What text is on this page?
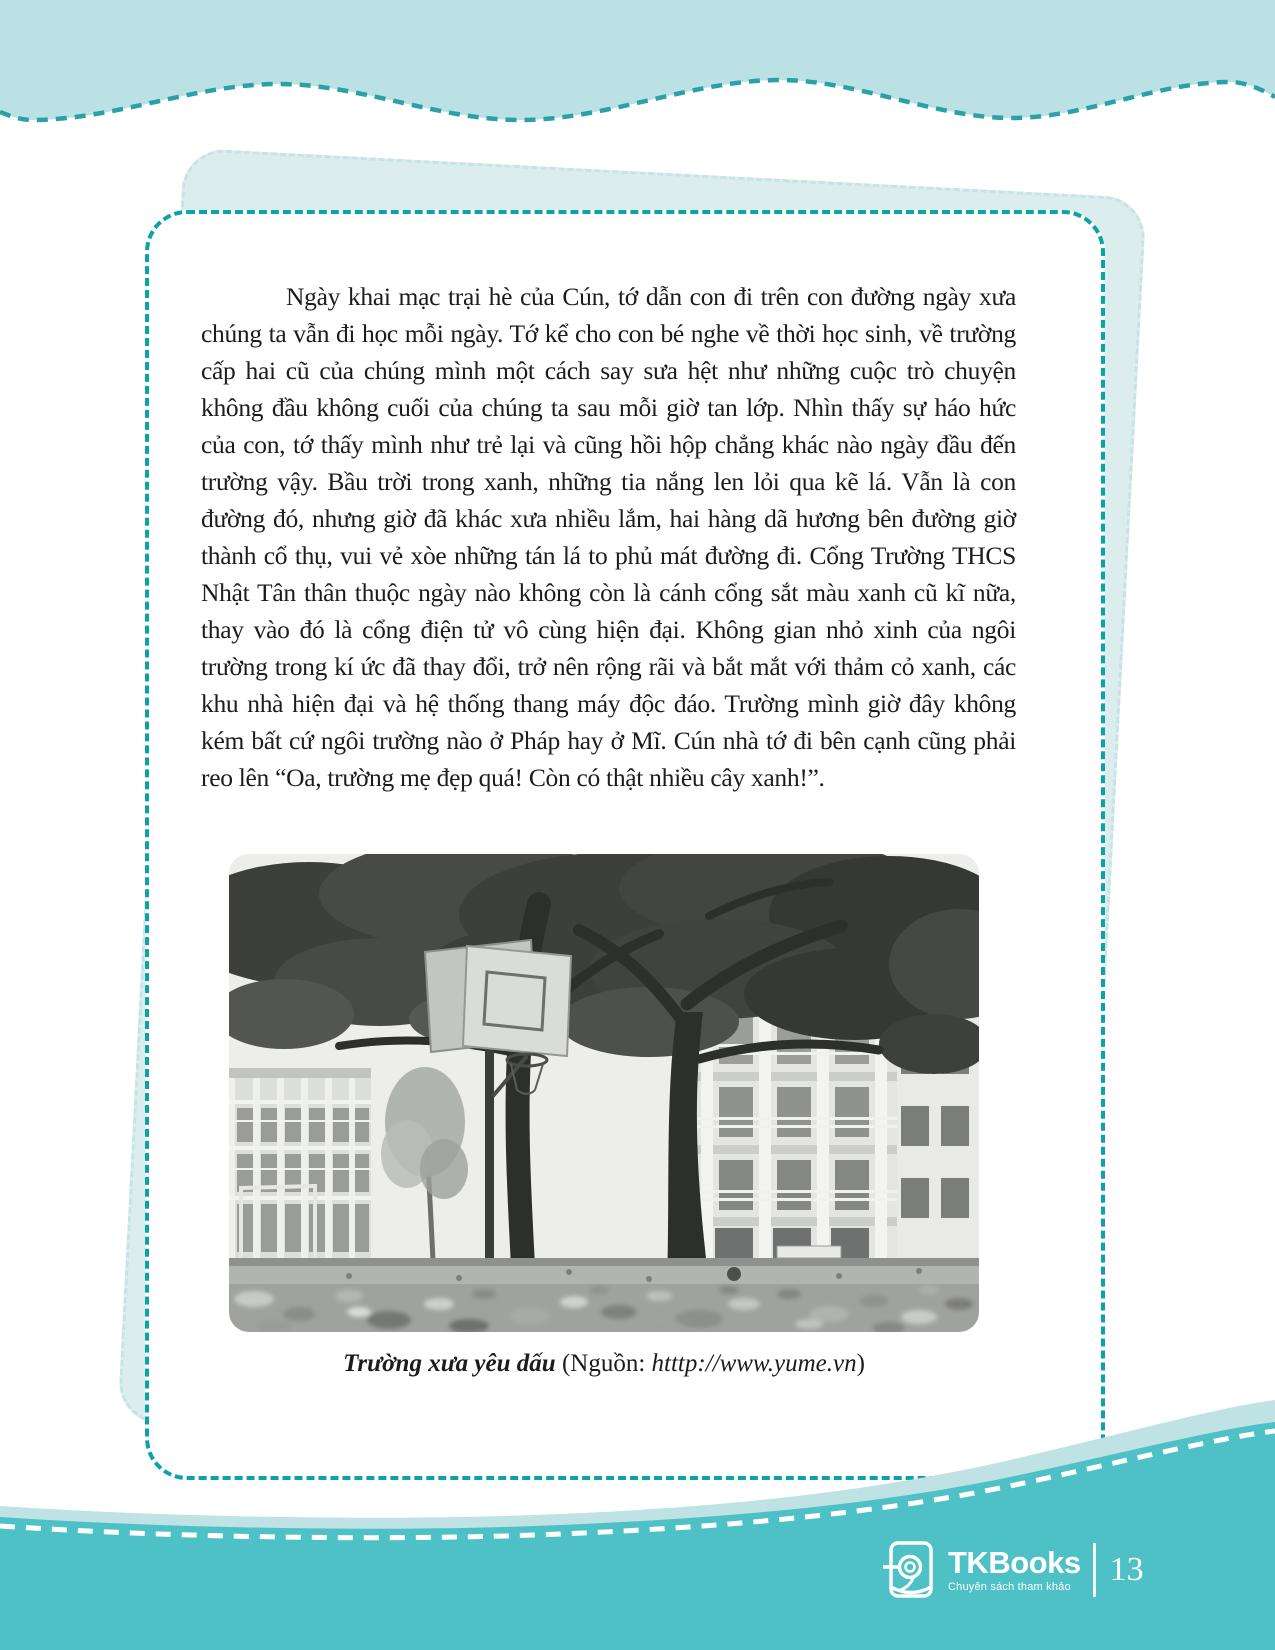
Ngày khai mạc trại hè của Cún, tớ dẫn con đi trên con đường ngày xưa chúng ta vẫn đi học mỗi ngày. Tớ kể cho con bé nghe về thời học sinh, về trường cấp hai cũ của chúng mình một cách say sưa hệt như những cuộc trò chuyện không đầu không cuối của chúng ta sau mỗi giờ tan lớp. Nhìn thấy sự háo hức của con, tớ thấy mình như trẻ lại và cũng hồi hộp chẳng khác nào ngày đầu đến trường vậy. Bầu trời trong xanh, những tia nắng len lỏi qua kẽ lá. Vẫn là con đường đó, nhưng giờ đã khác xưa nhiều lắm, hai hàng dã hương bên đường giờ thành cổ thụ, vui vẻ xòe những tán lá to phủ mát đường đi. Cổng Trường THCS Nhật Tân thân thuộc ngày nào không còn là cánh cổng sắt màu xanh cũ kĩ nữa, thay vào đó là cổng điện tử vô cùng hiện đại. Không gian nhỏ xinh của ngôi trường trong kí ức đã thay đổi, trở nên rộng rãi và bắt mắt với thảm cỏ xanh, các khu nhà hiện đại và hệ thống thang máy độc đáo. Trường mình giờ đây không kém bất cứ ngôi trường nào ở Pháp hay ở Mĩ. Cún nhà tớ đi bên cạnh cũng phải reo lên “Oa, trường mẹ đẹp quá! Còn có thật nhiều cây xanh!”.

Trường xưa yêu dấu (Nguồn: htttp://www.yume.vn)
TKBooks
Chuyên sách tham khảo 13
